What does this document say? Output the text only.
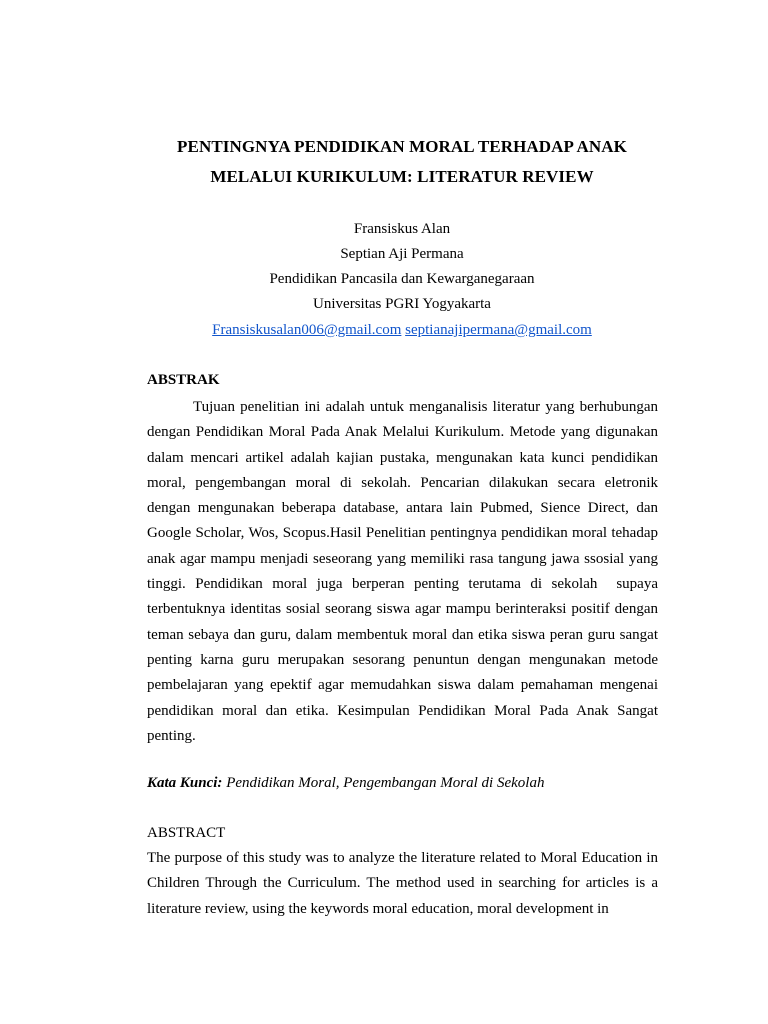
PENTINGNYA PENDIDIKAN MORAL TERHADAP ANAK
MELALUI KURIKULUM: LITERATUR REVIEW
Fransiskus Alan
Septian Aji Permana
Pendidikan Pancasila dan Kewarganegaraan
Universitas PGRI Yogyakarta
Fransiskusalan006@gmail.com septianajipermana@gmail.com
ABSTRAK
Tujuan penelitian ini adalah untuk menganalisis literatur yang berhubungan dengan Pendidikan Moral Pada Anak Melalui Kurikulum. Metode yang digunakan dalam mencari artikel adalah kajian pustaka, mengunakan kata kunci pendidikan moral, pengembangan moral di sekolah. Pencarian dilakukan secara eletronik dengan mengunakan beberapa database, antara lain Pubmed, Sience Direct, dan Google Scholar, Wos, Scopus.Hasil Penelitian pentingnya pendidikan moral tehadap anak agar mampu menjadi seseorang yang memiliki rasa tangung jawa ssosial yang tinggi. Pendidikan moral juga berperan penting terutama di sekolah  supaya terbentuknya identitas sosial seorang siswa agar mampu berinteraksi positif dengan teman sebaya dan guru, dalam membentuk moral dan etika siswa peran guru sangat penting karna guru merupakan sesorang penuntun dengan mengunakan metode pembelajaran yang epektif agar memudahkan siswa dalam pemahaman mengenai pendidikan moral dan etika. Kesimpulan Pendidikan Moral Pada Anak Sangat penting.
Kata Kunci: Pendidikan Moral, Pengembangan Moral di Sekolah
ABSTRACT
The purpose of this study was to analyze the literature related to Moral Education in Children Through the Curriculum. The method used in searching for articles is a literature review, using the keywords moral education, moral development in
